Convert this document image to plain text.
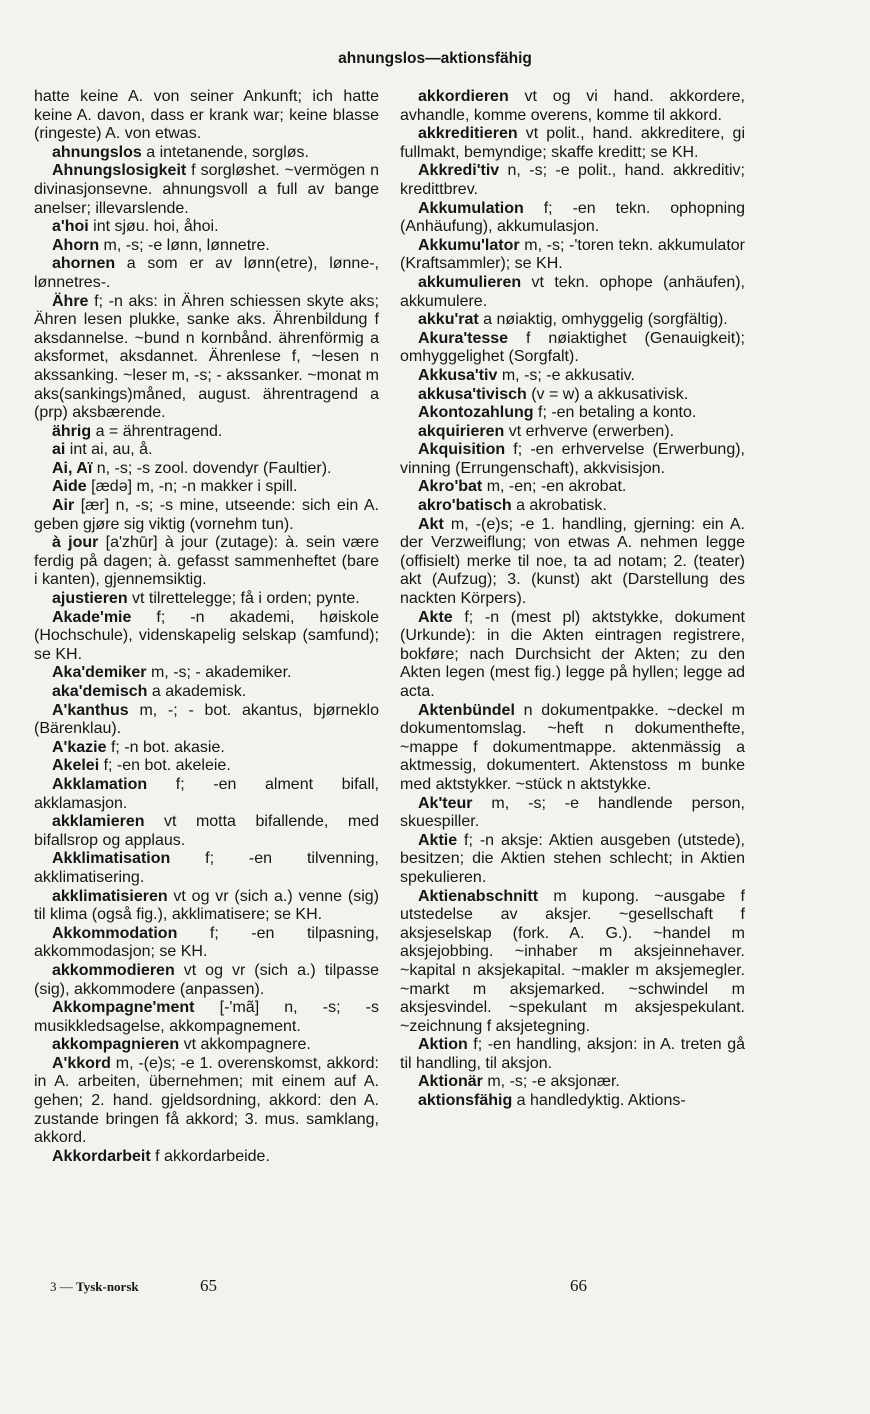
ahnungslos—aktionsfähig

hatte keine A. von seiner Ankunft; ich hatte keine A. davon, dass er krank war; keine blasse (ringeste) A. von etwas.

ahnungslos a intetanende, sorgløs.

Ahnungslosigkeit f sorgløshet. ~vermögen n divinasjonsevne. ahnungsvoll a full av bange anelser; illevarslende.

a'hoi int sjøu. hoi, åhoi.

Ahorn m, -s; -e lønn, lønnetre.

ahornen a som er av lønn(etre), lønne-, lønnetres-.

Ähre f; -n aks: in Ähren schiessen skyte aks; Ähren lesen plukke, sanke aks. Ährenbildung f aksdannelse. ~bund n kornbånd. ährenförmig a aksformet, aksdannet. Ährenlese f, ~lesen n akssanking. ~leser m, -s; - akssanker. ~monat m aks(sankings)måned, august. ährentragend a (prp) aksbærende.

ährig a = ährentragend.

ai int ai, au, å.

Ai, Aï n, -s; -s zool. dovendyr (Faultier).

Aide [ædə] m, -n; -n makker i spill.

Air [ær] n, -s; -s mine, utseende: sich ein A. geben gjøre sig viktig (vornehm tun).

à jour [a'zhūr] à jour (zutage): à. sein være ferdig på dagen; à. gefasst sammenheftet (bare i kanten), gjennemsiktig.

ajustieren vt tilrettelegge; få i orden; pynte.

Akade'mie f; -n akademi, høiskole (Hochschule), videnskapelig selskap (samfund); se KH.

Aka'demiker m, -s; - akademiker.

aka'demisch a akademisk.

A'kanthus m, -; - bot. akantus, bjørneklo (Bärenklau).

A'kazie f; -n bot. akasie.

Akelei f; -en bot. akeleie.

Akklamation f; -en alment bifall, akklamasjon.

akklamieren vt motta bifallende, med bifallsrop og applaus.

Akklimatisation f; -en tilvenning, akklimatisering.

akklimatisieren vt og vr (sich a.) venne (sig) til klima (også fig.), akklimatisere; se KH.

Akkommodation f; -en tilpasning, akkommodasjon; se KH.

akkommodieren vt og vr (sich a.) tilpasse (sig), akkommodere (anpassen).

Akkompagne'ment [-'mã] n, -s; -s musikkledsagelse, akkompagnement.

akkompagnieren vt akkompagnere.

A'kkord m, -(e)s; -e 1. overenskomst, akkord: in A. arbeiten, übernehmen; mit einem auf A. gehen; 2. hand. gjeldsordning, akkord: den A. zustande bringen få akkord; 3. mus. samklang, akkord.

Akkordarbeit f akkordarbeide.

akkordieren vt og vi hand. akkordere, avhandle, komme overens, komme til akkord.

akkreditieren vt polit., hand. akkreditere, gi fullmakt, bemyndige; skaffe kreditt; se KH.

Akkredi'tiv n, -s; -e polit., hand. akkreditiv; kredittbrev.

Akkumulation f; -en tekn. ophopning (Anhäufung), akkumulasjon.

Akkumu'lator m, -s; -'toren tekn. akkumulator (Kraftsammler); se KH.

akkumulieren vt tekn. ophope (anhäufen), akkumulere.

akku'rat a nøiaktig, omhyggelig (sorgfältig).

Akura'tesse f nøiaktighet (Genauigkeit); omhyggelighet (Sorgfalt).

Akkusa'tiv m, -s; -e akkusativ.

akkusa'tivisch (v = w) a akkusativisk.

Akontozahlung f; -en betaling a konto.

akquirieren vt erhverve (erwerben).

Akquisition f; -en erhvervelse (Erwerbung), vinning (Errungenschaft), akkvisisjon.

Akro'bat m, -en; -en akrobat.

akro'batisch a akrobatisk.

Akt m, -(e)s; -e 1. handling, gjerning: ein A. der Verzweiflung; von etwas A. nehmen legge (offisielt) merke til noe, ta ad notam; 2. (teater) akt (Aufzug); 3. (kunst) akt (Darstellung des nackten Körpers).

Akte f; -n (mest pl) aktstykke, dokument (Urkunde): in die Akten eintragen registrere, bokføre; nach Durchsicht der Akten; zu den Akten legen (mest fig.) legge på hyllen; legge ad acta.

Aktenbündel n dokumentpakke. ~deckel m dokumentomslag. ~heft n dokumenthefte, ~mappe f dokumentmappe. aktenmässig a aktmessig, dokumentert. Aktenstoss m bunke med aktstykker. ~stück n aktstykke.

Ak'teur m, -s; -e handlende person, skuespiller.

Aktie f; -n aksje: Aktien ausgeben (utstede), besitzen; die Aktien stehen schlecht; in Aktien spekulieren.

Aktienabschnitt m kupong. ~ausgabe f utstedelse av aksjer. ~gesellschaft f aksjeselskap (fork. A. G.). ~handel m aksjejobbing. ~inhaber m aksjeinnehaver. ~kapital n aksjekapital. ~makler m aksjemegler. ~markt m aksjemarked. ~schwindel m aksjesvindel. ~spekulant m aksjespekulant. ~zeichnung f aksjetegning.

Aktion f; -en handling, aksjon: in A. treten gå til handling, til aksjon.

Aktionär m, -s; -e aksjonær.

aktionsfähig a handledyktig. Aktions-

3 — Tysk-norsk	65	66
